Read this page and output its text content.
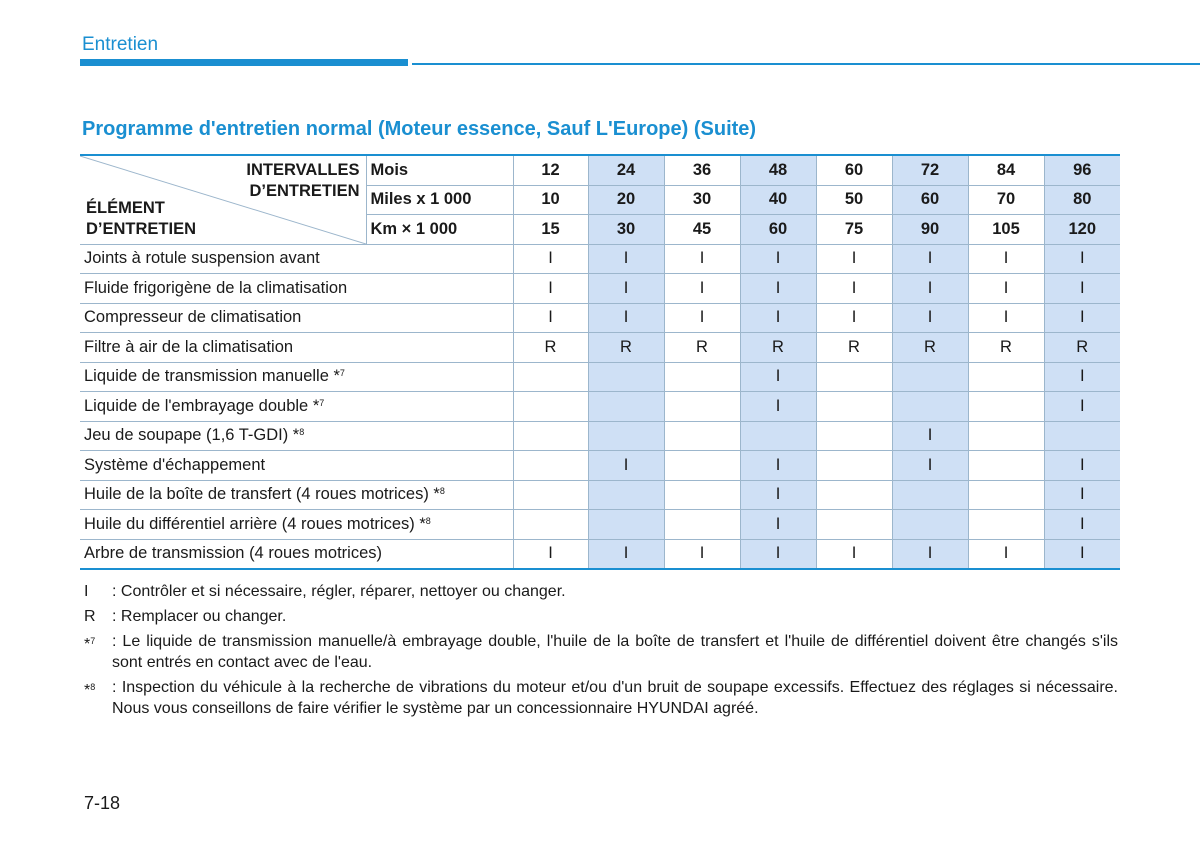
Entretien
Programme d'entretien normal (Moteur essence, Sauf L'Europe) (Suite)
INTERVALLES
D’ENTRETIEN
ÉLÉMENT
D’ENTRETIEN	Mois	12	24	36	48	60	72	84	96
	Miles x 1 000	10	20	30	40	50	60	70	80
	Km × 1 000	15	30	45	60	75	90	105	120
Joints à rotule suspension avant		I	I	I	I	I	I	I	I
Fluide frigorigène de la climatisation		I	I	I	I	I	I	I	I
Compresseur de climatisation		I	I	I	I	I	I	I	I
Filtre à air de la climatisation		R	R	R	R	R	R	R	R
Liquide de transmission manuelle *$^7$					I				I
Liquide de l'embrayage double *$^7$					I				I
Jeu de soupape (1,6 T-GDI) *$^8$							I		
Système d'échappement			I		I		I		I
Huile de la boîte de transfert (4 roues motrices) *$^8$					I				I
Huile du différentiel arrière (4 roues motrices) *$^8$					I				I
Arbre de transmission (4 roues motrices)		I	I	I	I	I	I	I	I
I	: Contrôler et si nécessaire, régler, réparer, nettoyer ou changer.
R	: Remplacer ou changer.
*$^7$	: Le liquide de transmission manuelle/à embrayage double, l'huile de la boîte de transfert et l'huile de différentiel doivent être changés s'ils sont entrés en contact avec de l'eau.
*$^8$	: Inspection du véhicule à la recherche de vibrations du moteur et/ou d'un bruit de soupape excessifs. Effectuez des réglages si nécessaire. Nous vous conseillons de faire vérifier le système par un concessionnaire HYUNDAI agréé.
7-18
